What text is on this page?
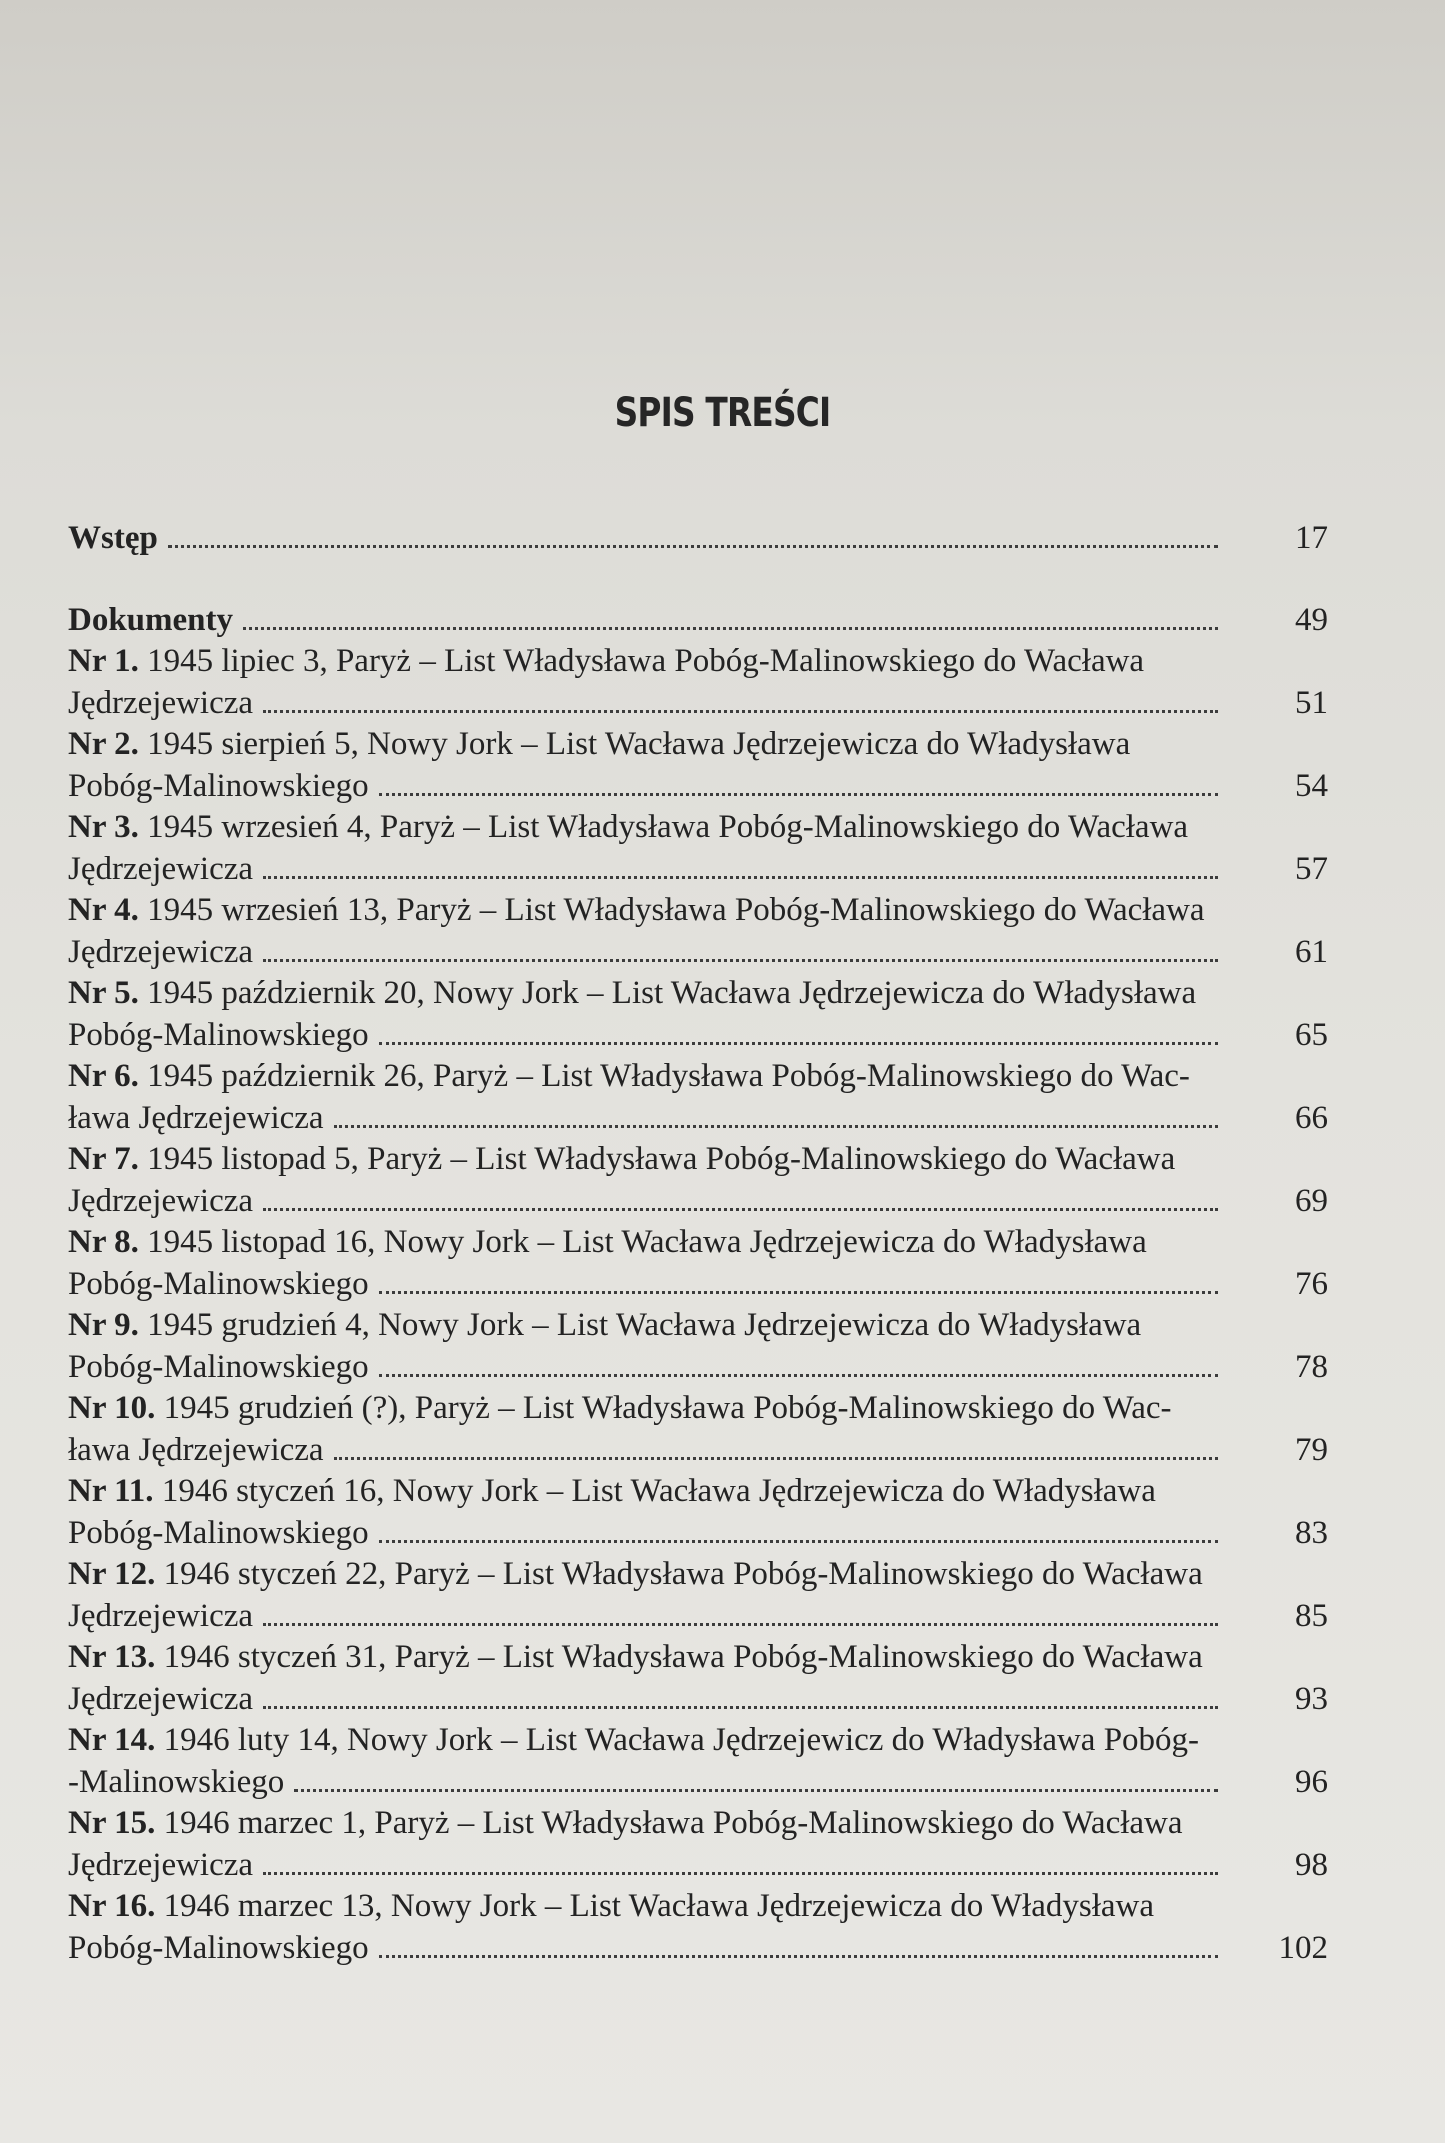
SPIS TREŚCI
Wstęp	17
Dokumenty	49
Nr 1. 1945 lipiec 3, Paryż – List Władysława Pobóg-Malinowskiego do Wacława
Jędrzejewicza	51
Nr 2. 1945 sierpień 5, Nowy Jork – List Wacława Jędrzejewicza do Władysława
Pobóg-Malinowskiego	54
Nr 3. 1945 wrzesień 4, Paryż – List Władysława Pobóg-Malinowskiego do Wacława
Jędrzejewicza	57
Nr 4. 1945 wrzesień 13, Paryż – List Władysława Pobóg-Malinowskiego do Wacława
Jędrzejewicza	61
Nr 5. 1945 październik 20, Nowy Jork – List Wacława Jędrzejewicza do Władysława
Pobóg-Malinowskiego	65
Nr 6. 1945 październik 26, Paryż – List Władysława Pobóg-Malinowskiego do Wac-
ława Jędrzejewicza	66
Nr 7. 1945 listopad 5, Paryż – List Władysława Pobóg-Malinowskiego do Wacława
Jędrzejewicza	69
Nr 8. 1945 listopad 16, Nowy Jork – List Wacława Jędrzejewicza do Władysława
Pobóg-Malinowskiego	76
Nr 9. 1945 grudzień 4, Nowy Jork – List Wacława Jędrzejewicza do Władysława
Pobóg-Malinowskiego	78
Nr 10. 1945 grudzień (?), Paryż – List Władysława Pobóg-Malinowskiego do Wac-
ława Jędrzejewicza	79
Nr 11. 1946 styczeń 16, Nowy Jork – List Wacława Jędrzejewicza do Władysława
Pobóg-Malinowskiego	83
Nr 12. 1946 styczeń 22, Paryż – List Władysława Pobóg-Malinowskiego do Wacława
Jędrzejewicza	85
Nr 13. 1946 styczeń 31, Paryż – List Władysława Pobóg-Malinowskiego do Wacława
Jędrzejewicza	93
Nr 14. 1946 luty 14, Nowy Jork – List Wacława Jędrzejewicz do Władysława Pobóg-
-Malinowskiego	96
Nr 15. 1946 marzec 1, Paryż – List Władysława Pobóg-Malinowskiego do Wacława
Jędrzejewicza	98
Nr 16. 1946 marzec 13, Nowy Jork – List Wacława Jędrzejewicza do Władysława
Pobóg-Malinowskiego	102
